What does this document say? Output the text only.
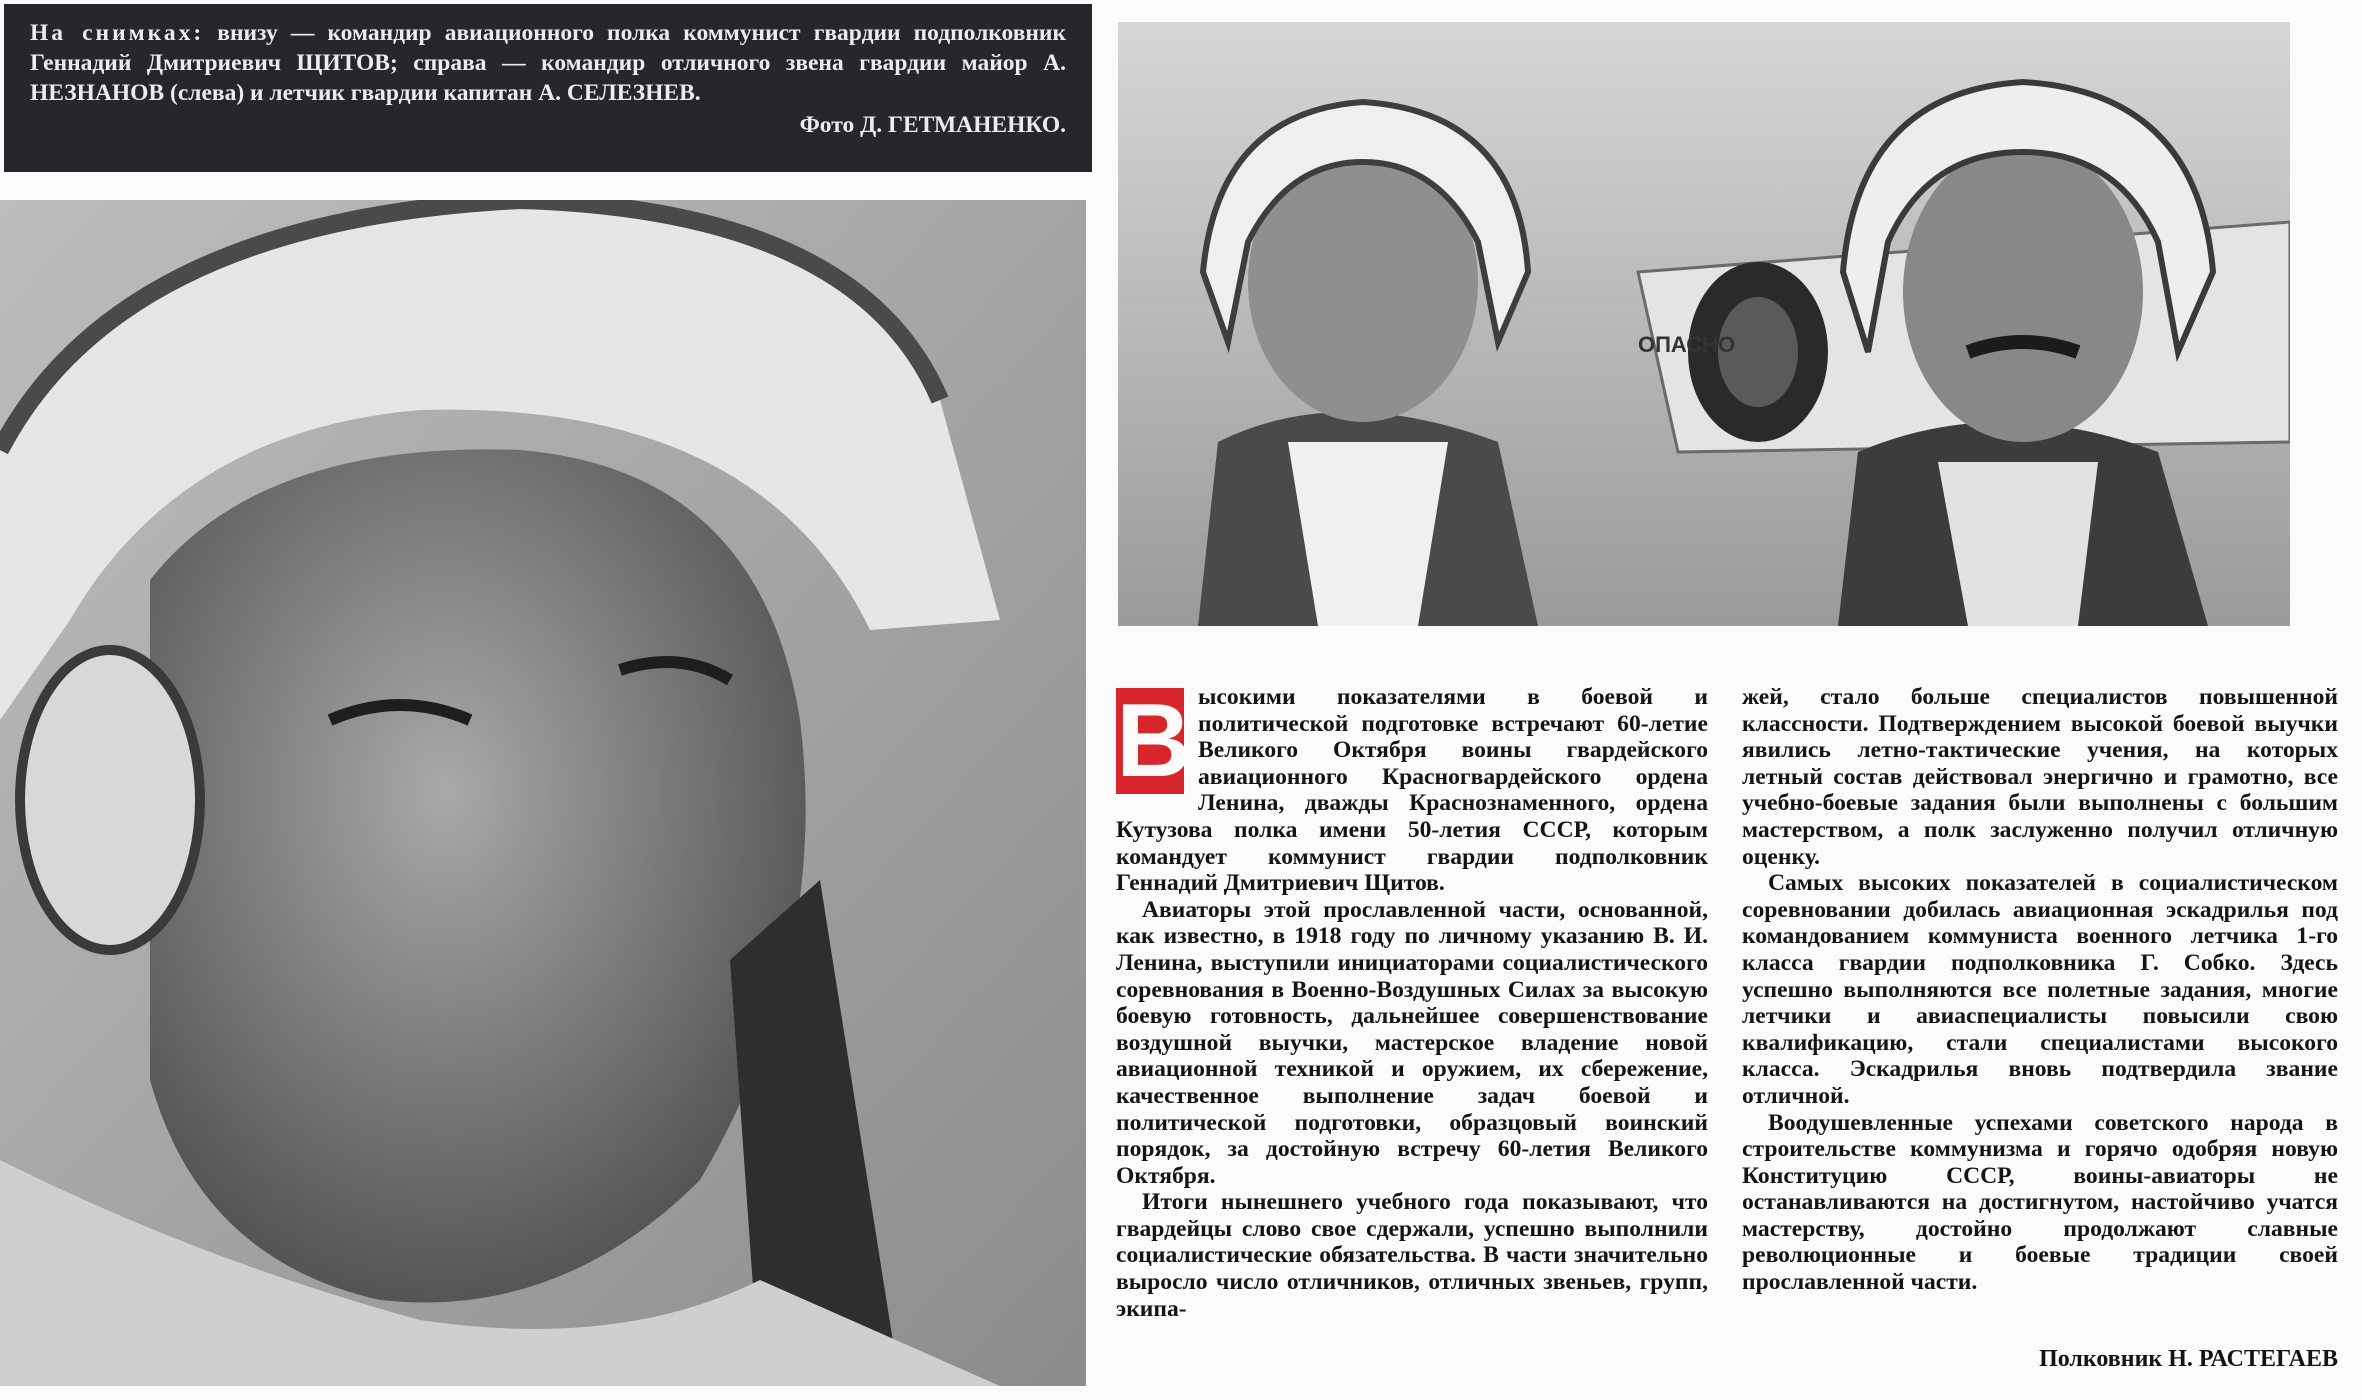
На снимках: внизу — командир авиационного полка коммунист гвардии подполковник Геннадий Дмитриевич ЩИТОВ; справа — командир отличного звена гвардии майор А. НЕЗНАНОВ (слева) и летчик гвардии капитан А. СЕЛЕЗНЕВ.
Фото Д. ГЕТМАНЕНКО.
ОПАСНО
В ысокими показателями в боевой и политической подготовке встречают 60-летие Великого Октября воины гвардейского авиационного Красногвардейского ордена Ленина, дважды Краснознаменного, ордена Кутузова полка имени 50-летия СССР, которым командует коммунист гвардии подполковник Геннадий Дмитриевич Щитов.

Авиаторы этой прославленной части, основанной, как известно, в 1918 году по личному указанию В. И. Ленина, выступили инициаторами социалистического соревнования в Военно-Воздушных Силах за высокую боевую готовность, дальнейшее совершенствование воздушной выучки, мастерское владение новой авиационной техникой и оружием, их сбережение, качественное выполнение задач боевой и политической подготовки, образцовый воинский порядок, за достойную встречу 60-летия Великого Октября.

Итоги нынешнего учебного года показывают, что гвардейцы слово свое сдержали, успешно выполнили социалистические обязательства. В части значительно выросло число отличников, отличных звеньев, групп, экипа-

жей, стало больше специалистов повышенной классности. Подтверждением высокой боевой выучки явились летно-тактические учения, на которых летный состав действовал энергично и грамотно, все учебно-боевые задания были выполнены с большим мастерством, а полк заслуженно получил отличную оценку.

Самых высоких показателей в социалистическом соревновании добилась авиационная эскадрилья под командованием коммуниста военного летчика 1-го класса гвардии подполковника Г. Собко. Здесь успешно выполняются все полетные задания, многие летчики и авиаспециалисты повысили свою квалификацию, стали специалистами высокого класса. Эскадрилья вновь подтвердила звание отличной.

Воодушевленные успехами советского народа в строительстве коммунизма и горячо одобряя новую Конституцию СССР, воины-авиаторы не останавливаются на достигнутом, настойчиво учатся мастерству, достойно продолжают славные революционные и боевые традиции своей прославленной части.

Полковник Н. РАСТЕГАЕВ
